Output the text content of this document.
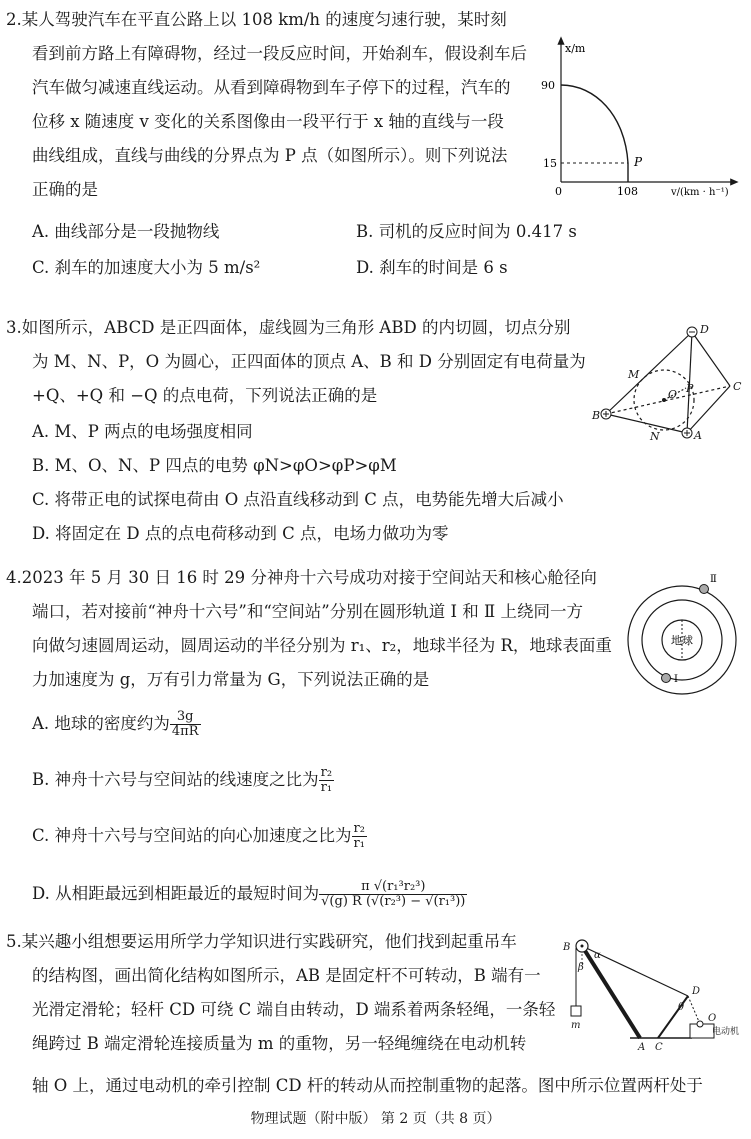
2.某人驾驶汽车在平直公路上以 108 km/h 的速度匀速行驶，某时刻
看到前方路上有障碍物，经过一段反应时间，开始刹车，假设刹车后
汽车做匀减速直线运动。从看到障碍物到车子停下的过程，汽车的
位移 x 随速度 v 变化的关系图像由一段平行于 x 轴的直线与一段
曲线组成，直线与曲线的分界点为 P 点（如图所示）。则下列说法
正确的是
A. 曲线部分是一段抛物线	B. 司机的反应时间为 0.417 s
C. 刹车的加速度大小为 5 m/s²	D. 刹车的时间是 6 s
x/m
90
15
0	108
P
v/(km · h⁻¹)
3.如图所示，ABCD 是正四面体，虚线圆为三角形 ABD 的内切圆，切点分别
为 M、N、P，O 为圆心，正四面体的顶点 A、B 和 D 分别固定有电荷量为
+Q、+Q 和 −Q 的点电荷，下列说法正确的是
A. M、P 两点的电场强度相同
B. M、O、N、P 四点的电势 φN>φO>φP>φM
C. 将带正电的试探电荷由 O 点沿直线移动到 C 点，电势能先增大后减小
D. 将固定在 D 点的点电荷移动到 C 点，电场力做功为零
D
C
B
A
M
N
P
O
4.2023 年 5 月 30 日 16 时 29 分神舟十六号成功对接于空间站天和核心舱径向
端口，若对接前“神舟十六号”和“空间站”分别在圆形轨道 Ⅰ 和 Ⅱ 上绕同一方
向做匀速圆周运动，圆周运动的半径分别为 r₁、r₂，地球半径为 R，地球表面重
力加速度为 g，万有引力常量为 G，下列说法正确的是
A. 地球的密度约为 $\frac{3g}{4\pi R}$
B. 神舟十六号与空间站的线速度之比为 $\frac{\text{r₂}}{\text{r₁}}$
C. 神舟十六号与空间站的向心加速度之比为 $\frac{\text{r₂}}{\text{r₁}}$
D. 从相距最远到相距最近的最短时间为 $\frac{\text{π √(r₁³r₂³)}}{\text{√(g) R (√(r₂³) − √(r₁³))}}$
地球
Ⅰ
Ⅱ
5.某兴趣小组想要运用所学力学知识进行实践研究，他们找到起重吊车
的结构图，画出简化结构如图所示，AB 是固定杆不可转动，B 端有一
光滑定滑轮；轻杆 CD 可绕 C 端自由转动，D 端系着两条轻绳，一条轻
绳跨过 B 端定滑轮连接质量为 m 的重物，另一轻绳缠绕在电动机转
轴 O 上，通过电动机的牵引控制 CD 杆的转动从而控制重物的起落。图中所示位置两杆处于
B
α
β
D
θ
O
电动机
m
A C
物理试题（附中版） 第 2 页（共 8 页）
